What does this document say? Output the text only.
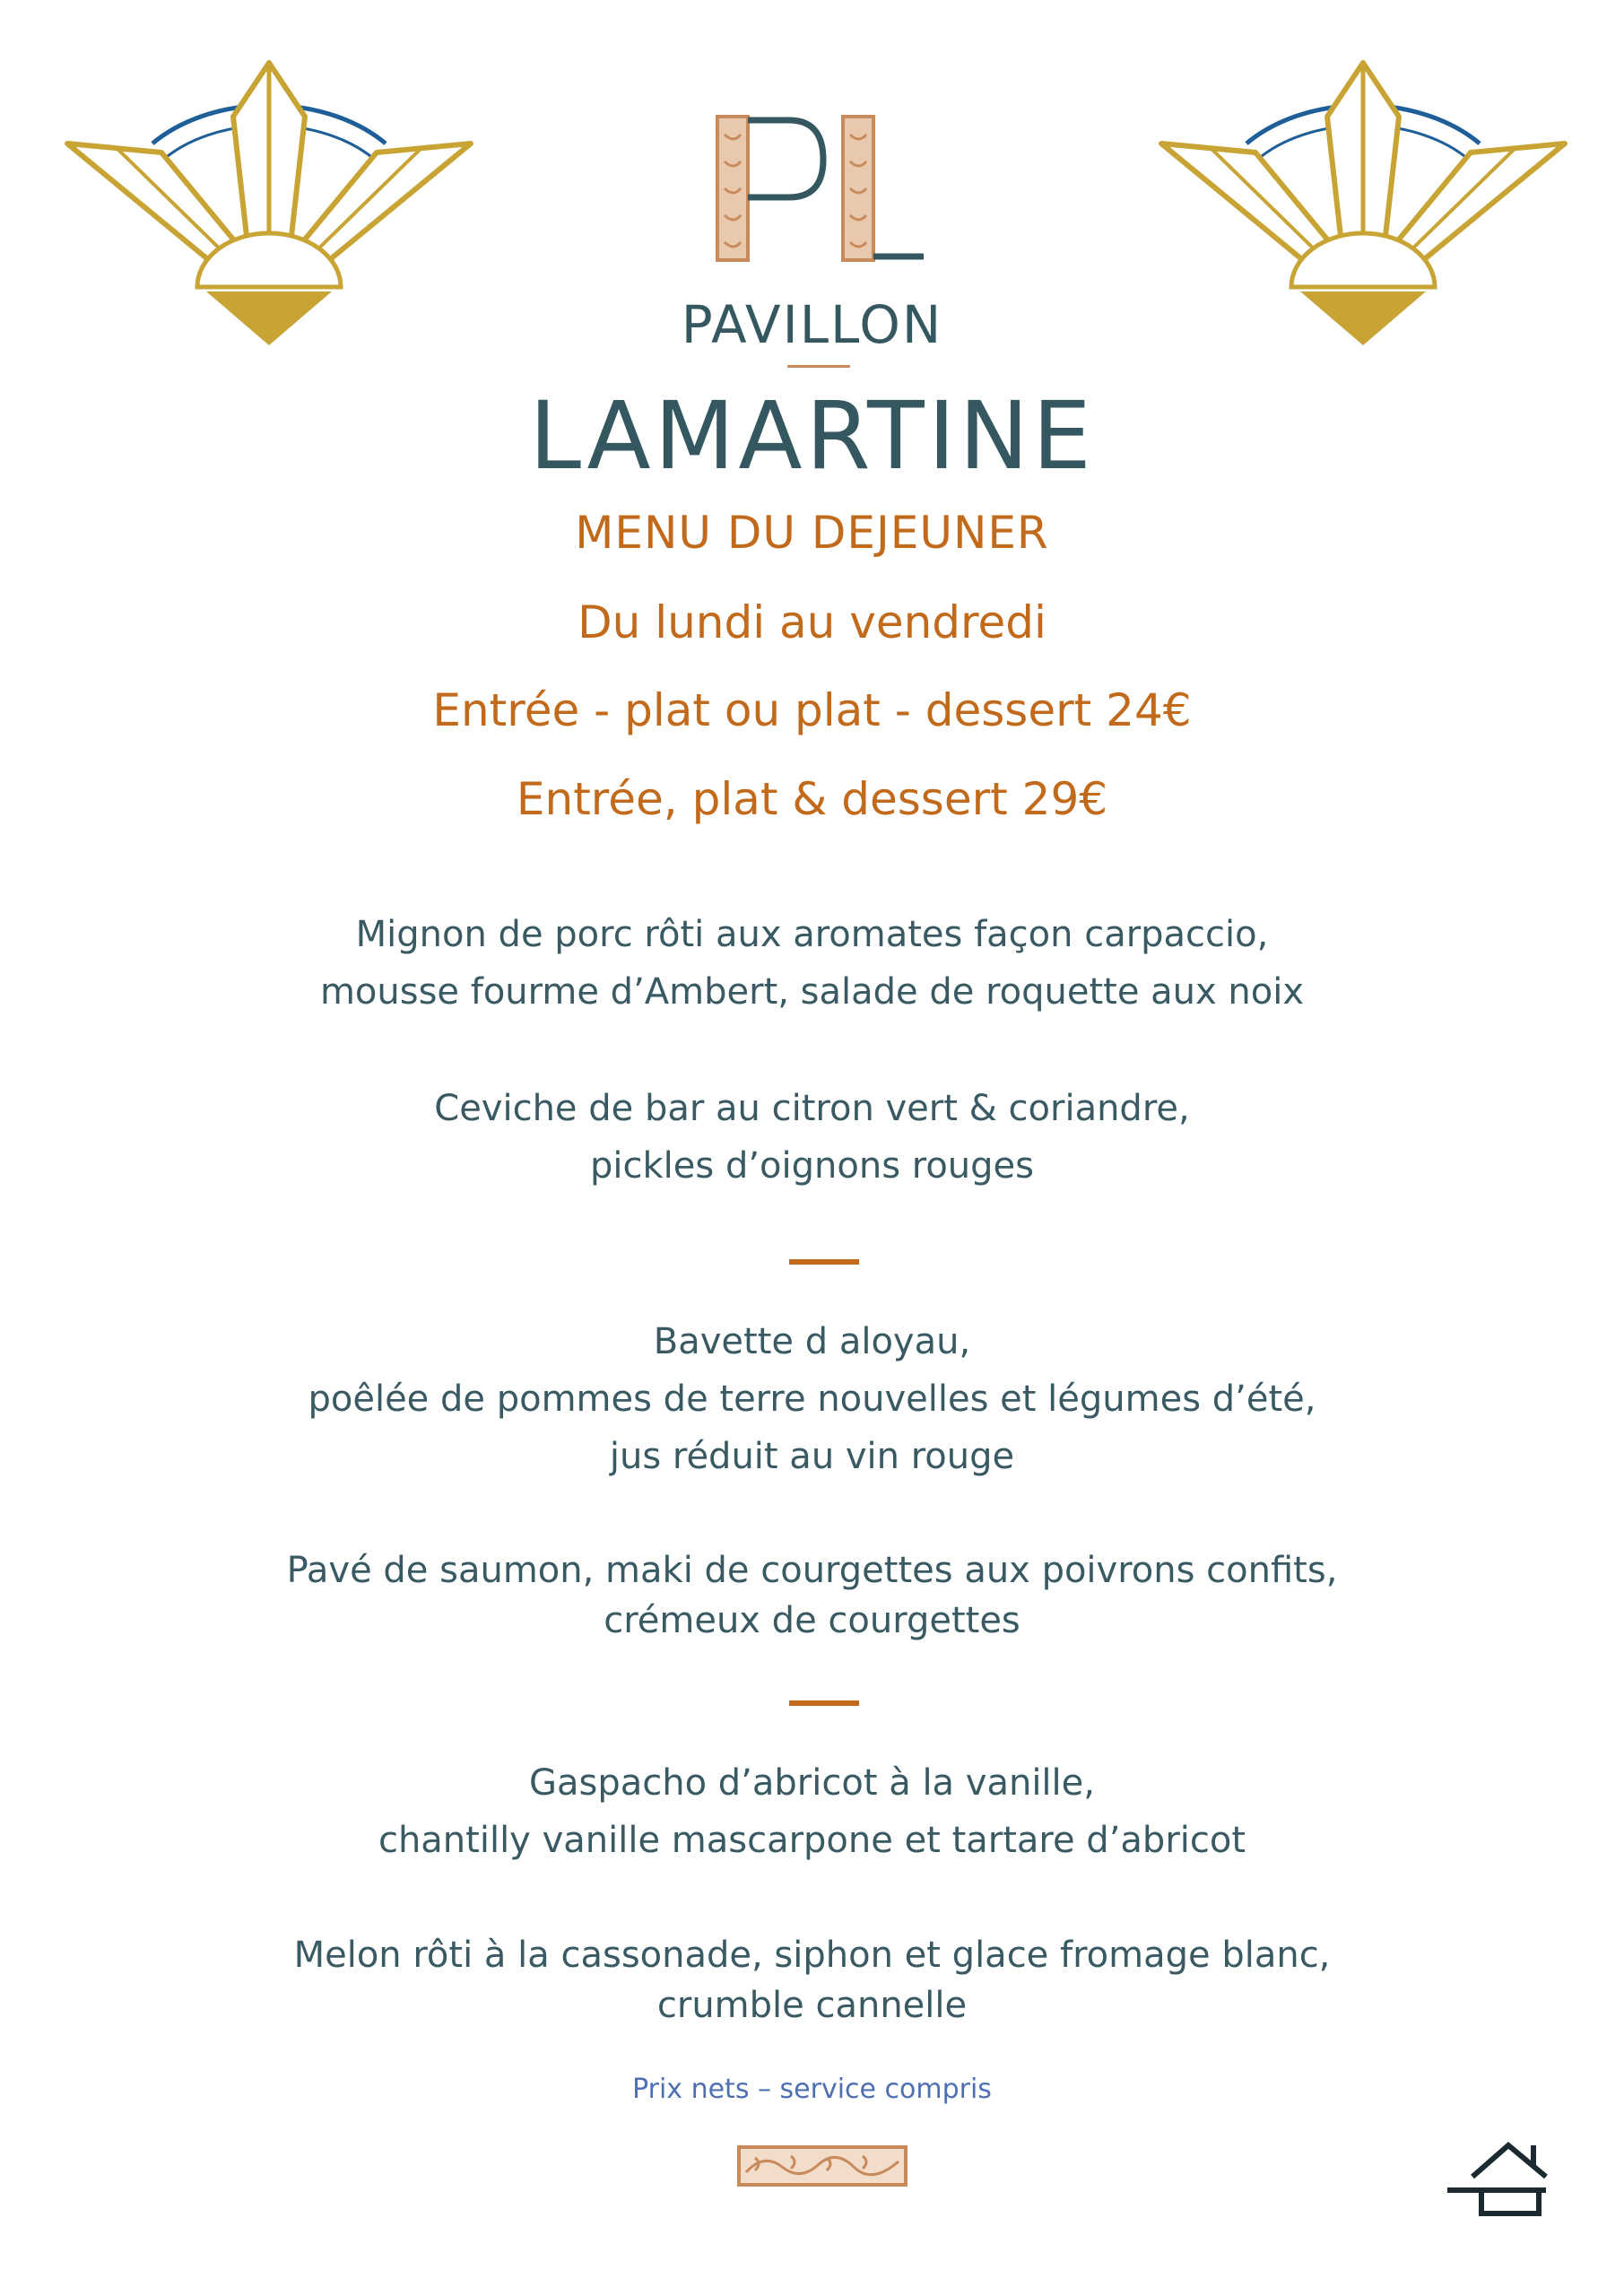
PAVILLON
LAMARTINE
MENU DU DEJEUNER
Du lundi au vendredi
Entrée - plat ou plat - dessert 24€
Entrée, plat & dessert 29€
Mignon de porc rôti aux aromates façon carpaccio,
mousse fourme d’Ambert, salade de roquette aux noix
Ceviche de bar au citron vert & coriandre,
pickles d’oignons rouges
Bavette d aloyau,
poêlée de pommes de terre nouvelles et légumes d’été,
jus réduit au vin rouge
Pavé de saumon, maki de courgettes aux poivrons confits,
crémeux de courgettes
Gaspacho d’abricot à la vanille,
chantilly vanille mascarpone et tartare d’abricot
Melon rôti à la cassonade, siphon et glace fromage blanc,
crumble cannelle
Prix nets – service compris
